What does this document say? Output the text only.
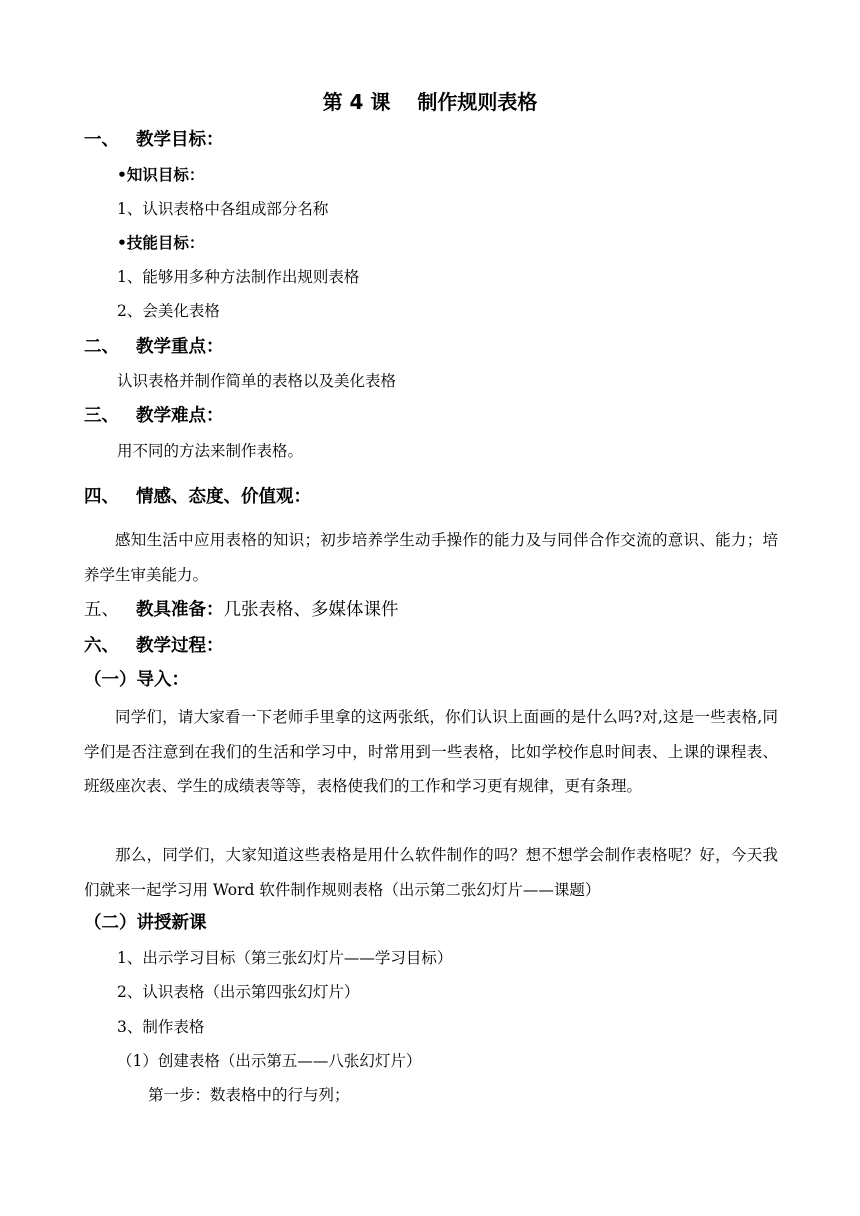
第 4 课　 制作规则表格
一、 教学目标：
•知识目标：
1、认识表格中各组成部分名称
•技能目标：
1、能够用多种方法制作出规则表格
2、会美化表格
二、 教学重点：
认识表格并制作简单的表格以及美化表格
三、 教学难点：
用不同的方法来制作表格。
四、 情感、态度、价值观：
感知生活中应用表格的知识；初步培养学生动手操作的能力及与同伴合作交流的意识、能力；培养学生审美能力。
五、 教具准备：几张表格、多媒体课件
六、 教学过程：
（一）导入：
同学们，请大家看一下老师手里拿的这两张纸，你们认识上面画的是什么吗?对,这是一些表格,同学们是否注意到在我们的生活和学习中，时常用到一些表格，比如学校作息时间表、上课的课程表、班级座次表、学生的成绩表等等，表格使我们的工作和学习更有规律，更有条理。
那么，同学们，大家知道这些表格是用什么软件制作的吗？想不想学会制作表格呢？好，今天我们就来一起学习用 Word 软件制作规则表格（出示第二张幻灯片——课题）
（二）讲授新课
1、出示学习目标（第三张幻灯片——学习目标）
2、认识表格（出示第四张幻灯片）
3、制作表格
（1）创建表格（出示第五——八张幻灯片）
第一步：数表格中的行与列；
